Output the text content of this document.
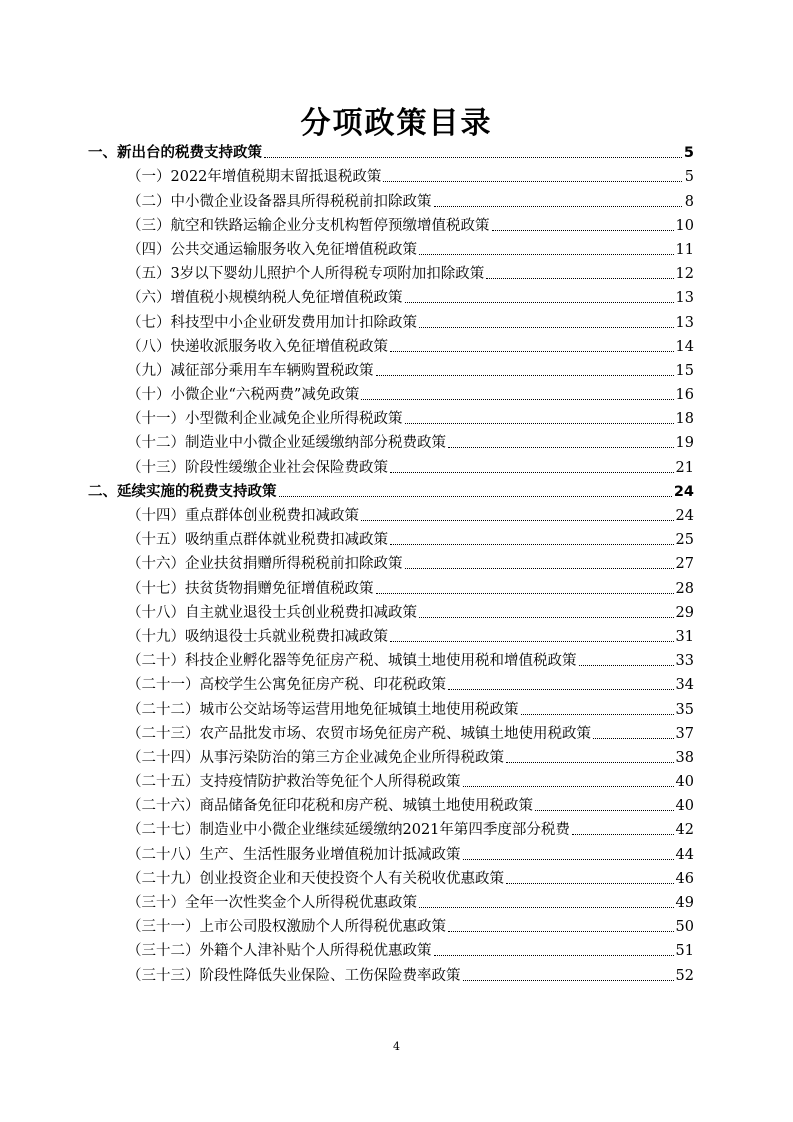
分项政策目录
一、新出台的税费支持政策	5
（一）2022年增值税期末留抵退税政策	5
（二）中小微企业设备器具所得税税前扣除政策	8
（三）航空和铁路运输企业分支机构暂停预缴增值税政策	10
（四）公共交通运输服务收入免征增值税政策	11
（五）3岁以下婴幼儿照护个人所得税专项附加扣除政策	12
（六）增值税小规模纳税人免征增值税政策	13
（七）科技型中小企业研发费用加计扣除政策	13
（八）快递收派服务收入免征增值税政策	14
（九）减征部分乘用车车辆购置税政策	15
（十）小微企业“六税两费”减免政策	16
（十一）小型微利企业减免企业所得税政策	18
（十二）制造业中小微企业延缓缴纳部分税费政策	19
（十三）阶段性缓缴企业社会保险费政策	21
二、延续实施的税费支持政策	24
（十四）重点群体创业税费扣减政策	24
（十五）吸纳重点群体就业税费扣减政策	25
（十六）企业扶贫捐赠所得税税前扣除政策	27
（十七）扶贫货物捐赠免征增值税政策	28
（十八）自主就业退役士兵创业税费扣减政策	29
（十九）吸纳退役士兵就业税费扣减政策	31
（二十）科技企业孵化器等免征房产税、城镇土地使用税和增值税政策	33
（二十一）高校学生公寓免征房产税、印花税政策	34
（二十二）城市公交站场等运营用地免征城镇土地使用税政策	35
（二十三）农产品批发市场、农贸市场免征房产税、城镇土地使用税政策	37
（二十四）从事污染防治的第三方企业减免企业所得税政策	38
（二十五）支持疫情防护救治等免征个人所得税政策	40
（二十六）商品储备免征印花税和房产税、城镇土地使用税政策	40
（二十七）制造业中小微企业继续延缓缴纳2021年第四季度部分税费	42
（二十八）生产、生活性服务业增值税加计抵减政策	44
（二十九）创业投资企业和天使投资个人有关税收优惠政策	46
（三十）全年一次性奖金个人所得税优惠政策	49
（三十一）上市公司股权激励个人所得税优惠政策	50
（三十二）外籍个人津补贴个人所得税优惠政策	51
（三十三）阶段性降低失业保险、工伤保险费率政策	52
4
